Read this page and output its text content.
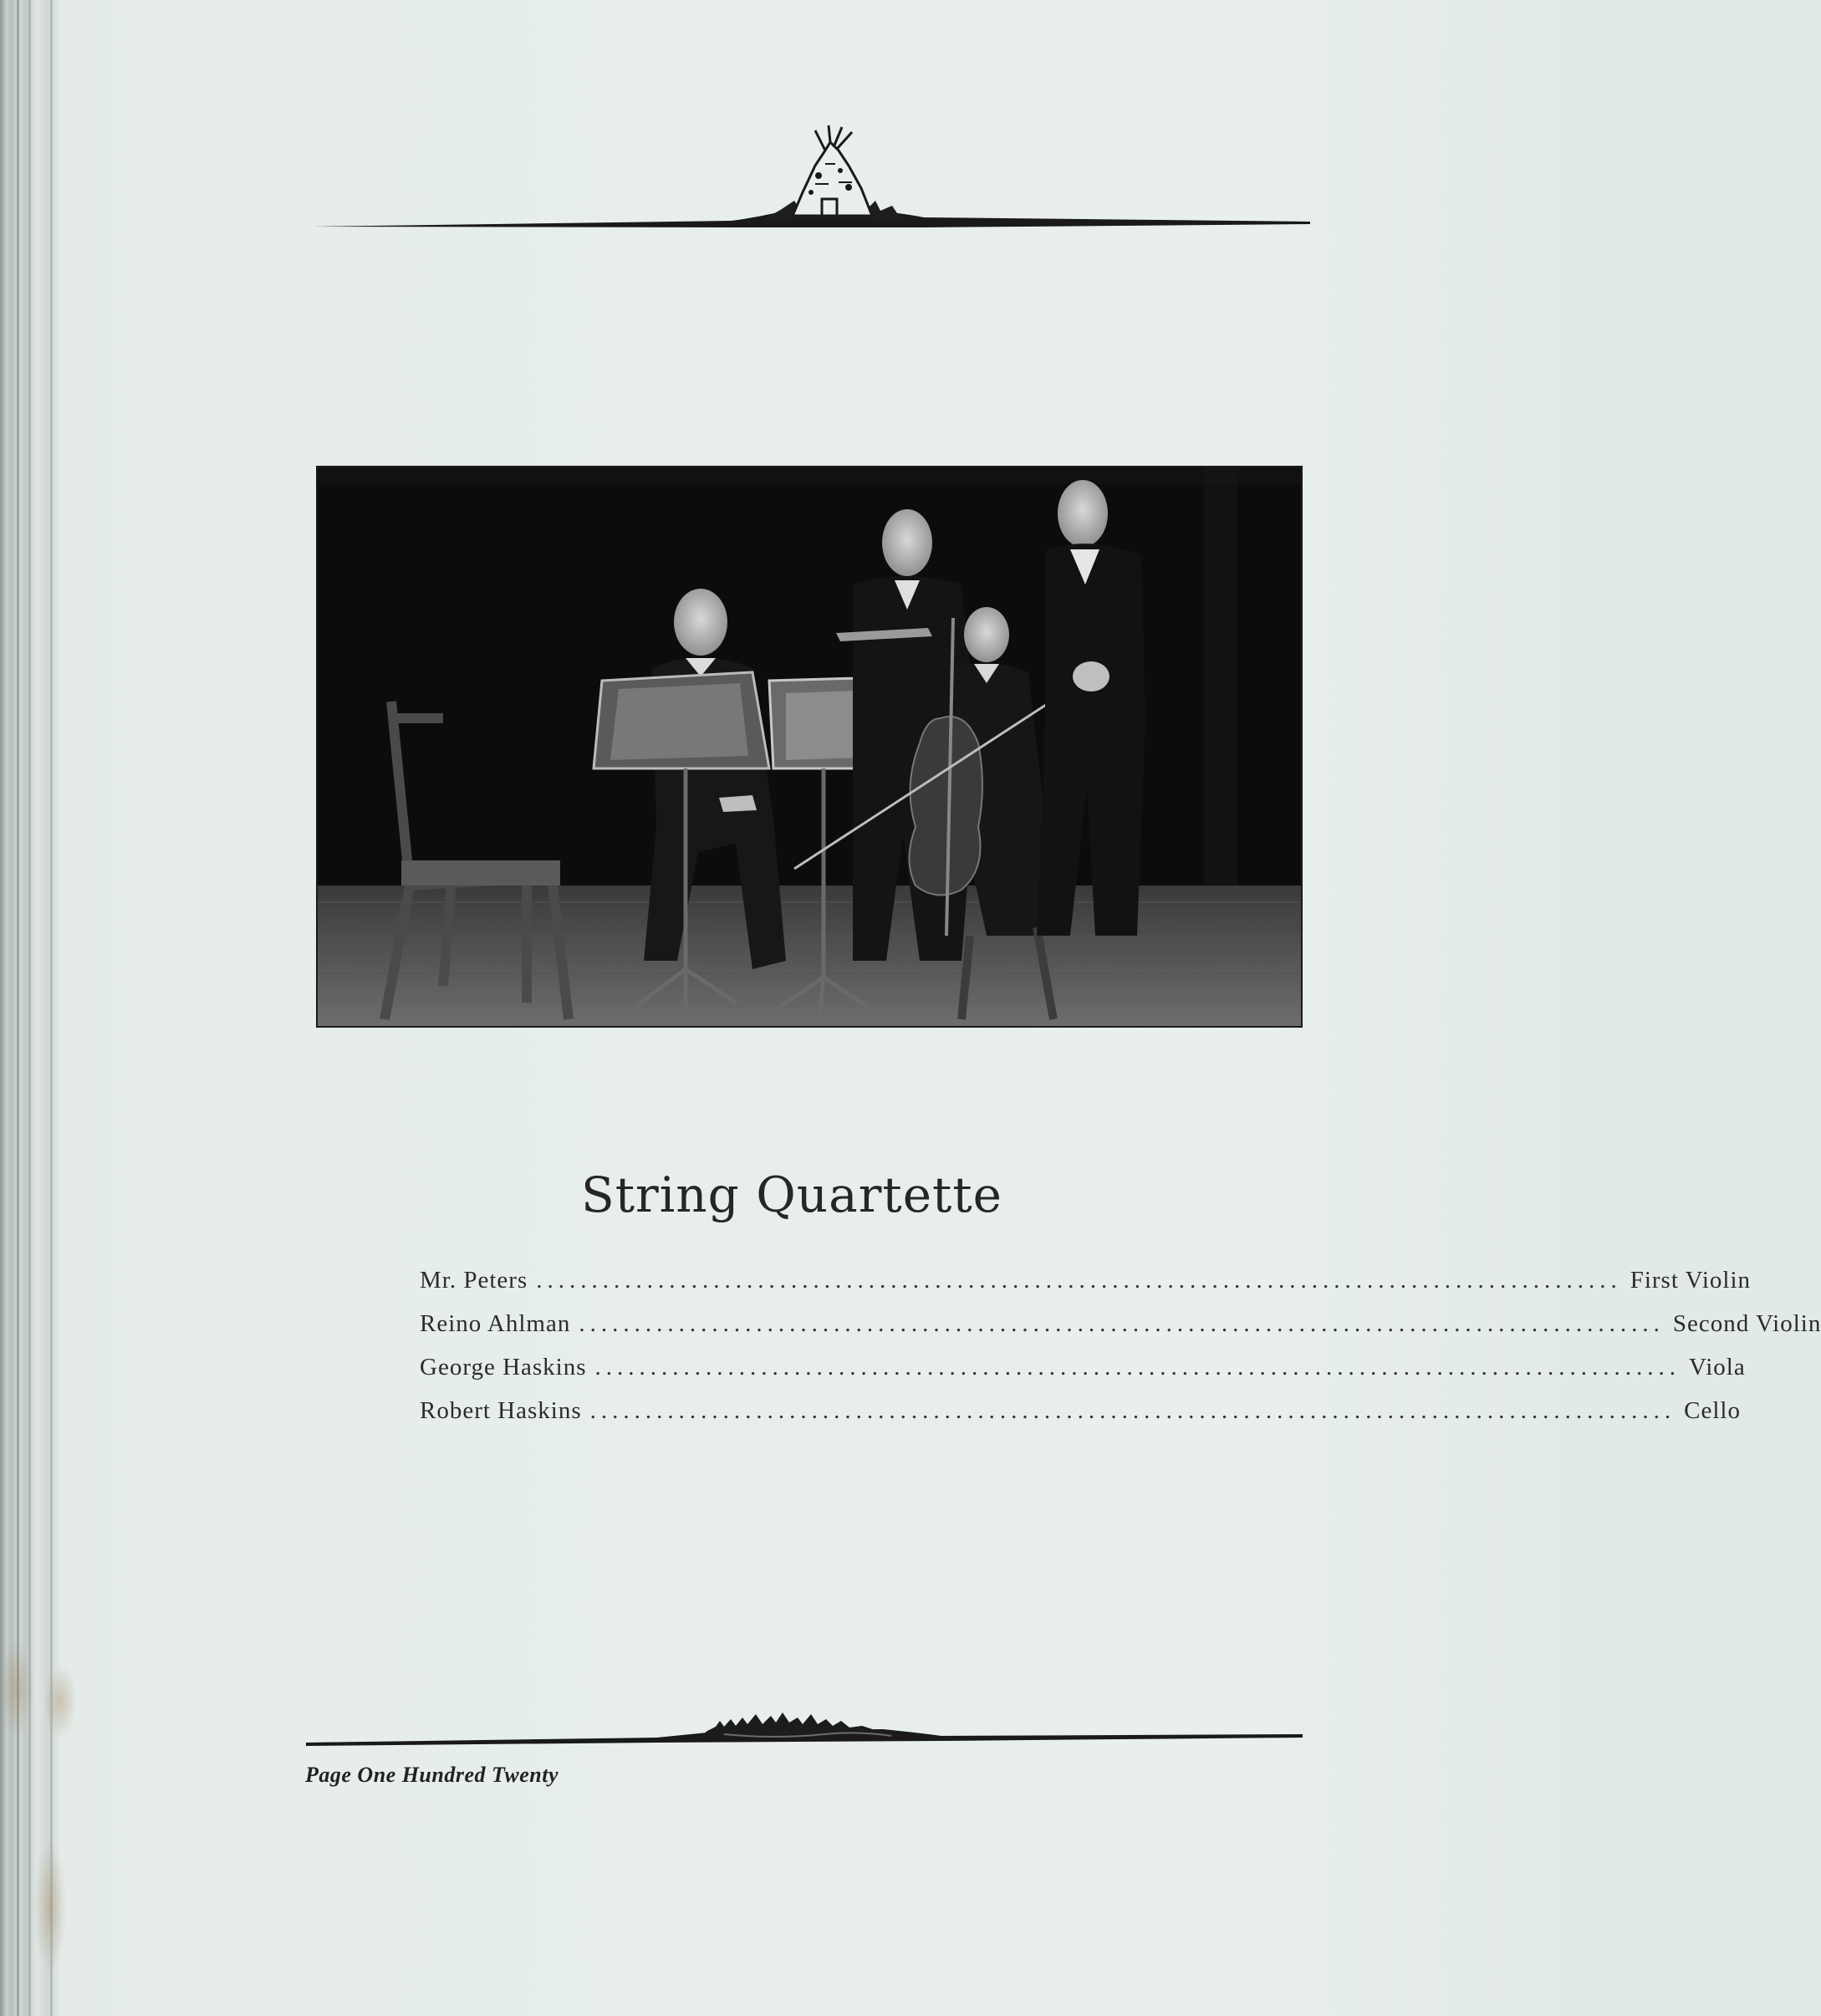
String Quartette
Mr. Peters .................................................................................................. First Violin
Reino Ahlman .................................................................................................. Second Violin
George Haskins .................................................................................................. Viola
Robert Haskins .................................................................................................. Cello
Page One Hundred Twenty
